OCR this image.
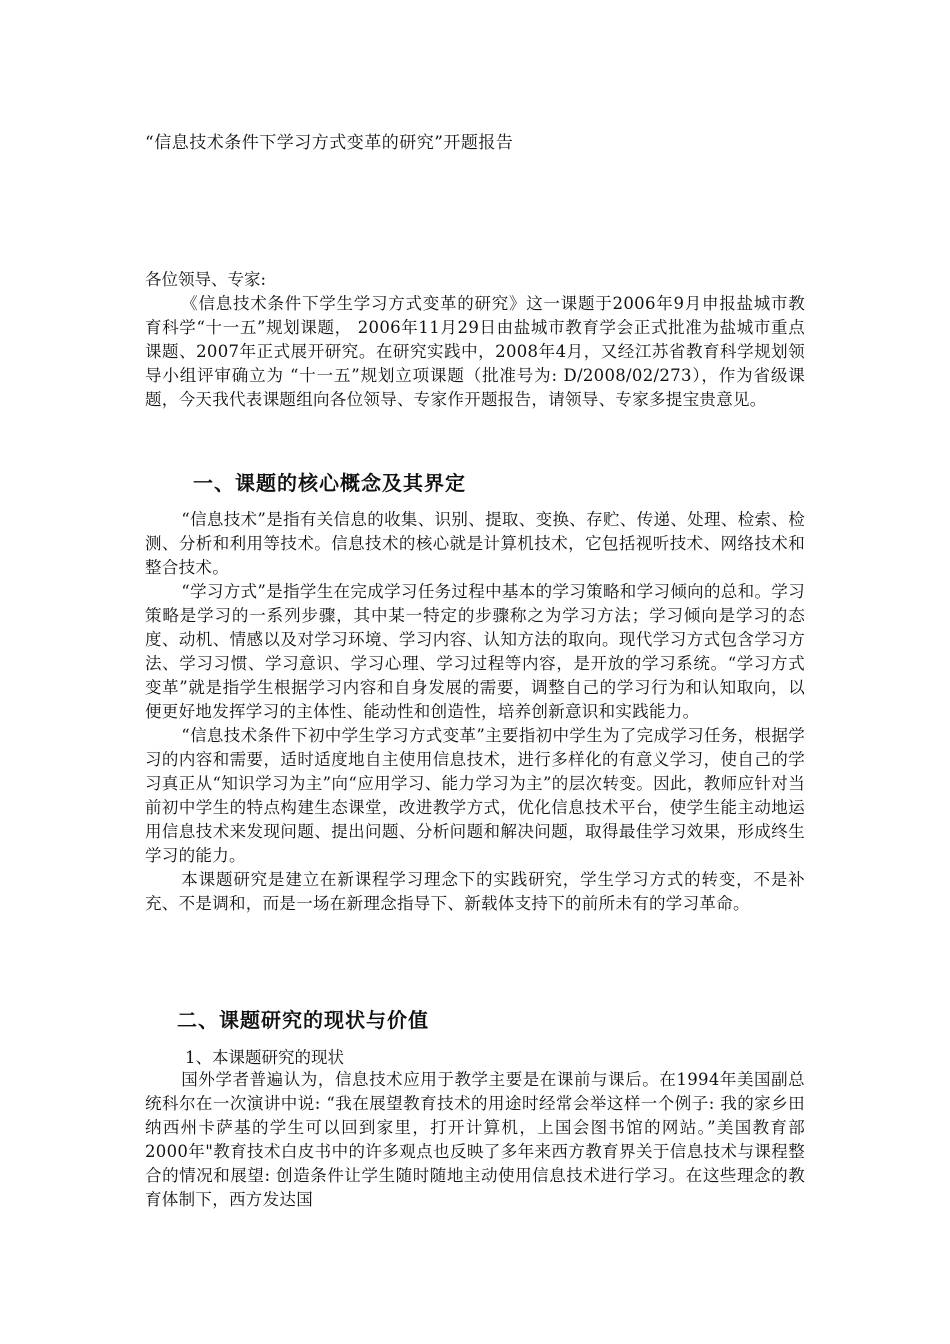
“信息技术条件下学习方式变革的研究”开题报告
各位领导、专家:

《信息技术条件下学生学习方式变革的研究》这一课题于2006年9月申报盐城市教育科学“十一五”规划课题， 2006年11月29日由盐城市教育学会正式批准为盐城市重点课题、2007年正式展开研究。在研究实践中，2008年4月，又经江苏省教育科学规划领导小组评审确立为 “十一五”规划立项课题（批准号为: D/2008/02/273），作为省级课题，今天我代表课题组向各位领导、专家作开题报告，请领导、专家多提宝贵意见。

一、课题的核心概念及其界定

“信息技术”是指有关信息的收集、识别、提取、变换、存贮、传递、处理、检索、检测、分析和利用等技术。信息技术的核心就是计算机技术，它包括视听技术、网络技术和整合技术。

“学习方式”是指学生在完成学习任务过程中基本的学习策略和学习倾向的总和。学习策略是学习的一系列步骤，其中某一特定的步骤称之为学习方法；学习倾向是学习的态度、动机、情感以及对学习环境、学习内容、认知方法的取向。现代学习方式包含学习方法、学习习惯、学习意识、学习心理、学习过程等内容，是开放的学习系统。“学习方式变革”就是指学生根据学习内容和自身发展的需要，调整自己的学习行为和认知取向，以便更好地发挥学习的主体性、能动性和创造性，培养创新意识和实践能力。

“信息技术条件下初中学生学习方式变革”主要指初中学生为了完成学习任务，根据学习的内容和需要，适时适度地自主使用信息技术，进行多样化的有意义学习，使自己的学习真正从“知识学习为主”向“应用学习、能力学习为主”的层次转变。因此，教师应针对当前初中学生的特点构建生态课堂，改进教学方式，优化信息技术平台，使学生能主动地运用信息技术来发现问题、提出问题、分析问题和解决问题，取得最佳学习效果，形成终生学习的能力。

本课题研究是建立在新课程学习理念下的实践研究，学生学习方式的转变，不是补充、不是调和，而是一场在新理念指导下、新载体支持下的前所未有的学习革命。

二、课题研究的现状与价值
1、本课题研究的现状

国外学者普遍认为，信息技术应用于教学主要是在课前与课后。在1994年美国副总统科尔在一次演讲中说: “我在展望教育技术的用途时经常会举这样一个例子: 我的家乡田纳西州卡萨基的学生可以回到家里，打开计算机，上国会图书馆的网站。”美国教育部2000年"教育技术白皮书中的许多观点也反映了多年来西方教育界关于信息技术与课程整合的情况和展望: 创造条件让学生随时随地主动使用信息技术进行学习。在这些理念的教育体制下，西方发达国
